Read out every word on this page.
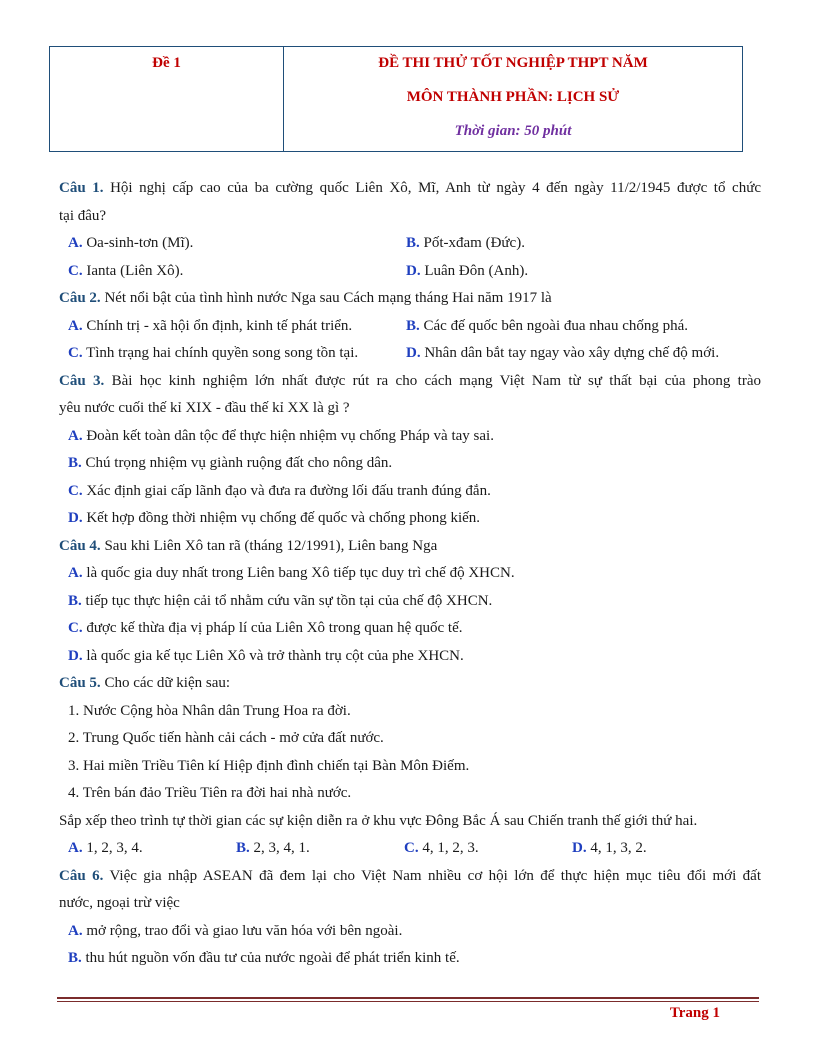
Đề 1	ĐỀ THI THỬ TỐT NGHIỆP THPT NĂM
MÔN THÀNH PHẦN: LỊCH SỬ
Thời gian: 50 phút
Câu 1. Hội nghị cấp cao của ba cường quốc Liên Xô, Mĩ, Anh từ ngày 4 đến ngày 11/2/1945 được tổ chức
tại đâu?
A. Oa-sinh-tơn (Mĩ).	B. Pốt-xđam (Đức).
C. Ianta (Liên Xô).	D. Luân Đôn (Anh).
Câu 2. Nét nổi bật của tình hình nước Nga sau Cách mạng tháng Hai năm 1917 là
A. Chính trị - xã hội ổn định, kinh tế phát triển.	B. Các đế quốc bên ngoài đua nhau chống phá.
C. Tình trạng hai chính quyền song song tồn tại.	D. Nhân dân bắt tay ngay vào xây dựng chế độ mới.
Câu 3. Bài học kinh nghiệm lớn nhất được rút ra cho cách mạng Việt Nam từ sự thất bại của phong trào
yêu nước cuối thế kỉ XIX - đầu thế kỉ XX là gì ?
A. Đoàn kết toàn dân tộc để thực hiện nhiệm vụ chống Pháp và tay sai.
B. Chú trọng nhiệm vụ giành ruộng đất cho nông dân.
C. Xác định giai cấp lãnh đạo và đưa ra đường lối đấu tranh đúng đắn.
D. Kết hợp đồng thời nhiệm vụ chống đế quốc và chống phong kiến.
Câu 4. Sau khi Liên Xô tan rã (tháng 12/1991), Liên bang Nga
A. là quốc gia duy nhất trong Liên bang Xô tiếp tục duy trì chế độ XHCN.
B. tiếp tục thực hiện cải tổ nhằm cứu vãn sự tồn tại của chế độ XHCN.
C. được kế thừa địa vị pháp lí của Liên Xô trong quan hệ quốc tế.
D. là quốc gia kế tục Liên Xô và trở thành trụ cột của phe XHCN.
Câu 5. Cho các dữ kiện sau:
1. Nước Cộng hòa Nhân dân Trung Hoa ra đời.
2. Trung Quốc tiến hành cải cách - mở cửa đất nước.
3. Hai miền Triều Tiên kí Hiệp định đình chiến tại Bàn Môn Điếm.
4. Trên bán đảo Triều Tiên ra đời hai nhà nước.
Sắp xếp theo trình tự thời gian các sự kiện diễn ra ở khu vực Đông Bắc Á sau Chiến tranh thế giới thứ hai.
A. 1, 2, 3, 4.	B. 2, 3, 4, 1.	C. 4, 1, 2, 3.	D. 4, 1, 3, 2.
Câu 6. Việc gia nhập ASEAN đã đem lại cho Việt Nam nhiều cơ hội lớn để thực hiện mục tiêu đổi mới đất
nước, ngoại trừ việc
A. mở rộng, trao đổi và giao lưu văn hóa với bên ngoài.
B. thu hút nguồn vốn đầu tư của nước ngoài để phát triển kinh tế.
Trang 1
